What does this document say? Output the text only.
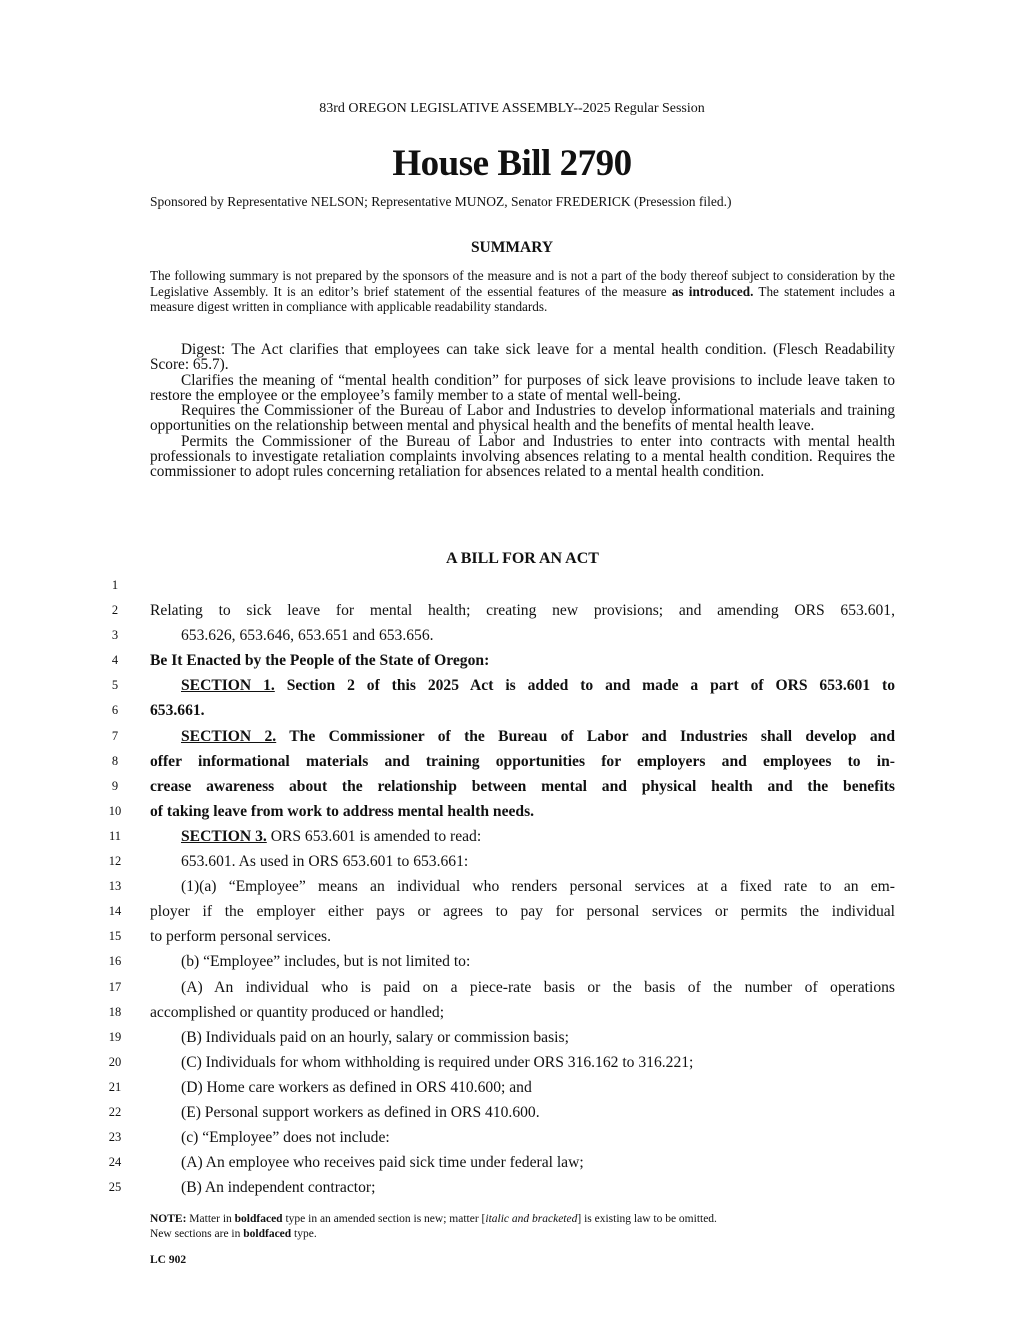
83rd OREGON LEGISLATIVE ASSEMBLY--2025 Regular Session
House Bill 2790
Sponsored by Representative NELSON; Representative MUNOZ, Senator FREDERICK (Presession filed.)
SUMMARY
The following summary is not prepared by the sponsors of the measure and is not a part of the body thereof subject to consideration by the Legislative Assembly. It is an editor’s brief statement of the essential features of the measure as introduced. The statement includes a measure digest written in compliance with applicable readability standards.

Digest: The Act clarifies that employees can take sick leave for a mental health condition. (Flesch Readability Score: 65.7).

Clarifies the meaning of “mental health condition” for purposes of sick leave provisions to include leave taken to restore the employee or the employee’s family member to a state of mental well-being.

Requires the Commissioner of the Bureau of Labor and Industries to develop informational materials and training opportunities on the relationship between mental and physical health and the benefits of mental health leave.

Permits the Commissioner of the Bureau of Labor and Industries to enter into contracts with mental health professionals to investigate retaliation complaints involving absences relating to a mental health condition. Requires the commissioner to adopt rules concerning retaliation for absences related to a mental health condition.

A BILL FOR AN ACT
1
2	Relating to sick leave for mental health; creating new provisions; and amending ORS 653.601,
3	653.626, 653.646, 653.651 and 653.656.
4	Be It Enacted by the People of the State of Oregon:
5	SECTION 1. Section 2 of this 2025 Act is added to and made a part of ORS 653.601 to
6	653.661.
7	SECTION 2. The Commissioner of the Bureau of Labor and Industries shall develop and
8	offer informational materials and training opportunities for employers and employees to in-
9	crease awareness about the relationship between mental and physical health and the benefits
10	of taking leave from work to address mental health needs.
11	SECTION 3. ORS 653.601 is amended to read:
12	653.601. As used in ORS 653.601 to 653.661:
13	(1)(a) “Employee” means an individual who renders personal services at a fixed rate to an em-
14	ployer if the employer either pays or agrees to pay for personal services or permits the individual
15	to perform personal services.
16	(b) “Employee” includes, but is not limited to:
17	(A) An individual who is paid on a piece-rate basis or the basis of the number of operations
18	accomplished or quantity produced or handled;
19	(B) Individuals paid on an hourly, salary or commission basis;
20	(C) Individuals for whom withholding is required under ORS 316.162 to 316.221;
21	(D) Home care workers as defined in ORS 410.600; and
22	(E) Personal support workers as defined in ORS 410.600.
23	(c) “Employee” does not include:
24	(A) An employee who receives paid sick time under federal law;
25	(B) An independent contractor;
NOTE: Matter in boldfaced type in an amended section is new; matter [italic and bracketed] is existing law to be omitted.
New sections are in boldfaced type.
LC 902
